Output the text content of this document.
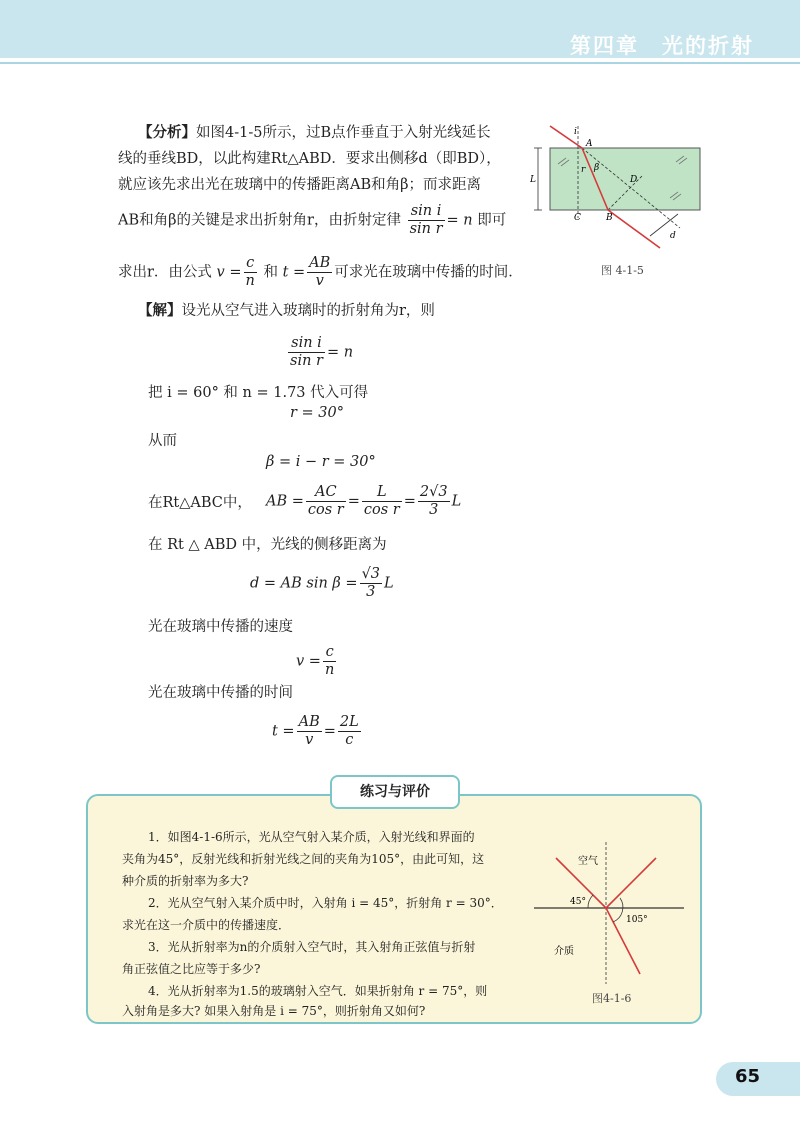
第四章　光的折射
【分析】如图4-1-5所示，过B点作垂直于入射光线延长
线的垂线BD，以此构建Rt△ABD．要求出侧移d（即BD），
就应该先求出光在玻璃中的传播距离AB和角β；而求距离
AB和角β的关键是求出折射角r，由折射定律 $\frac{\text{sin i}}{\text{sin r}} = n$ 即可
求出r．由公式 $v = \frac{c}{n}$ 和 $t = \frac{AB}{v}$ 可求光在玻璃中传播的时间．
i
A
r β
D
L
C	B
d
图 4-1-5
【解】设光从空气进入玻璃时的折射角为r，则
$\frac{\text{sin i}}{\text{sin r}} = n$
把 i = 60° 和 n = 1.73 代入可得
r = 30°
从而
β = i − r = 30°
在Rt△ABC中， AB = $\frac{AC}{\text{cos r}} = \frac{L}{\text{cos r}} = \frac{2√3}{3}$ L
在 Rt △ ABD 中，光线的侧移距离为
d = AB $\sin \beta = \frac{√3}{3}$ L
光在玻璃中传播的速度
$v = \frac{c}{n}$
光在玻璃中传播的时间
$t = \frac{AB}{v} = \frac{2L}{c}$
练习与评价
1．如图4-1-6所示，光从空气射入某介质，入射光线和界面的
夹角为45°，反射光线和折射光线之间的夹角为105°，由此可知，这
种介质的折射率为多大?
2．光从空气射入某介质中时，入射角 i = 45°，折射角 r = 30°．
求光在这一介质中的传播速度．
3．光从折射率为n的介质射入空气时，其入射角正弦值与折射
角正弦值之比应等于多少?
4．光从折射率为1.5的玻璃射入空气．如果折射角 r = 75°，则
入射角是多大? 如果入射角是 i = 75°，则折射角又如何?
空气
介质
45°
105°
图4-1-6
65
